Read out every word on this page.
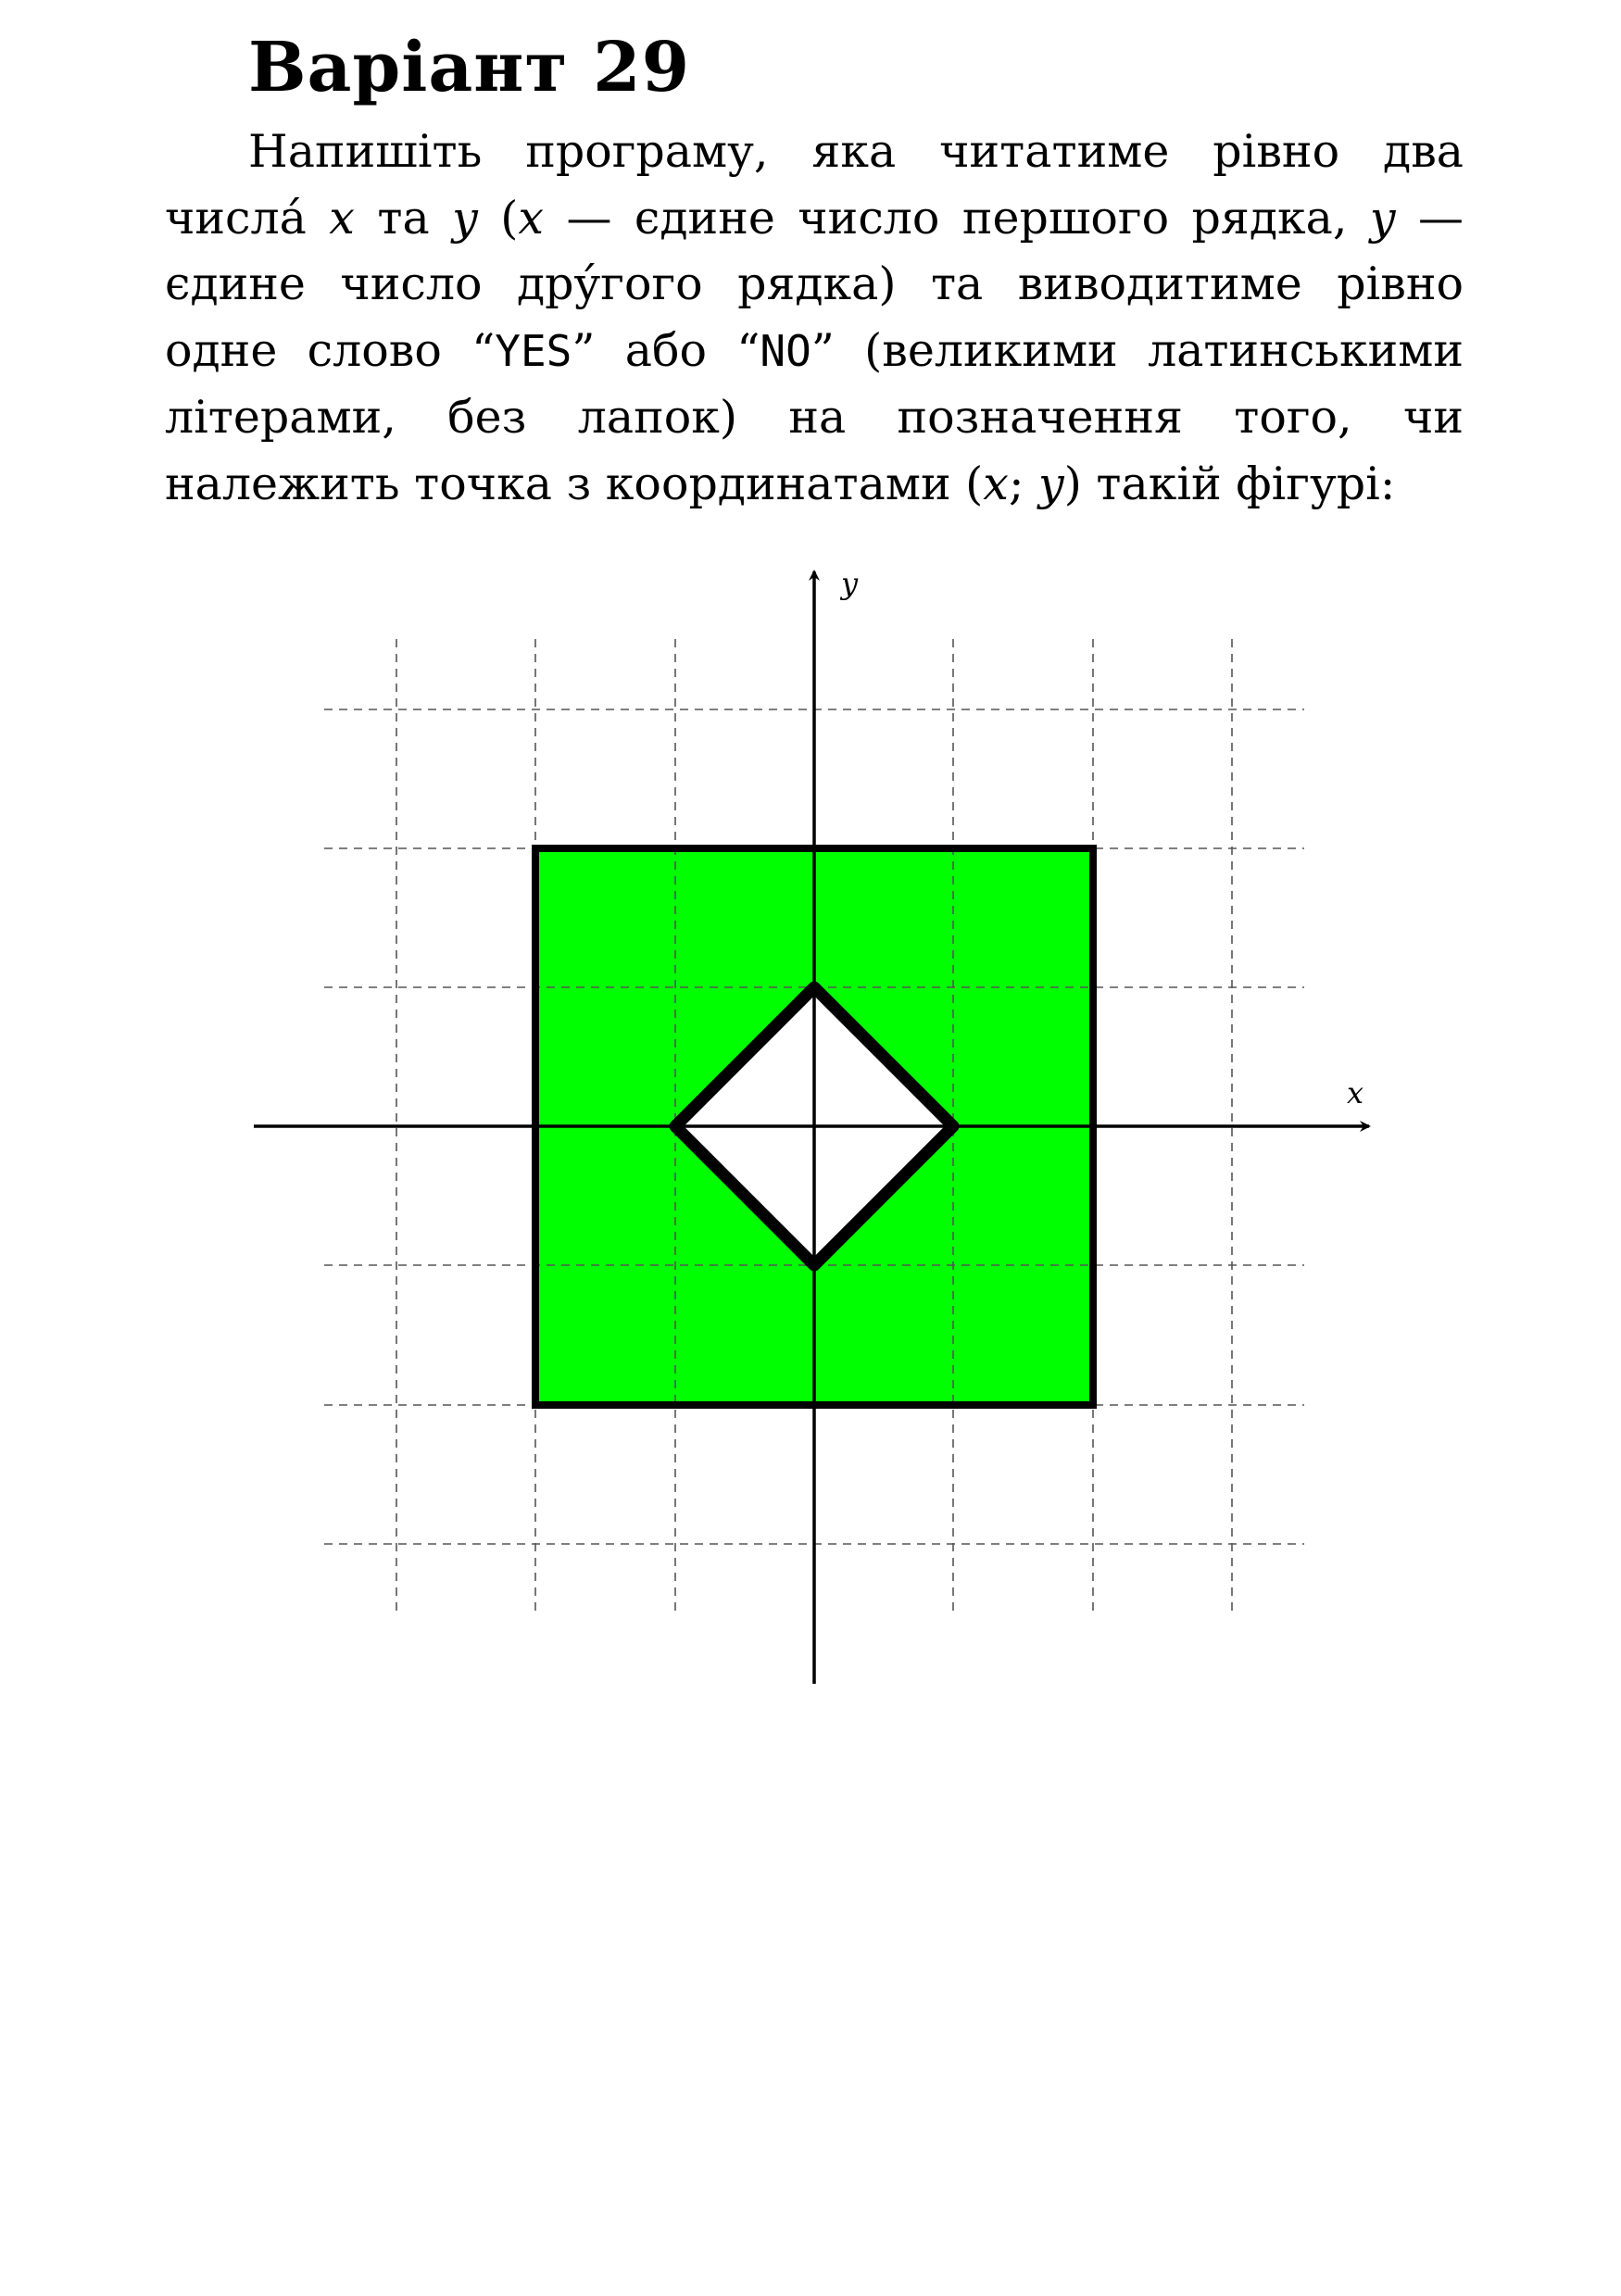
Варіант 29

Напишіть програму, яка читатиме рівно два числа́ x та y (x — єдине число першого рядка, y — єдине число дру́гого рядка) та виводитиме рівно одне слово “YES” або “NO” (великими латинськими літерами, без лапок) на позначення того, чи належить точка з координатами (x; y) такій фігурі:

y
x
